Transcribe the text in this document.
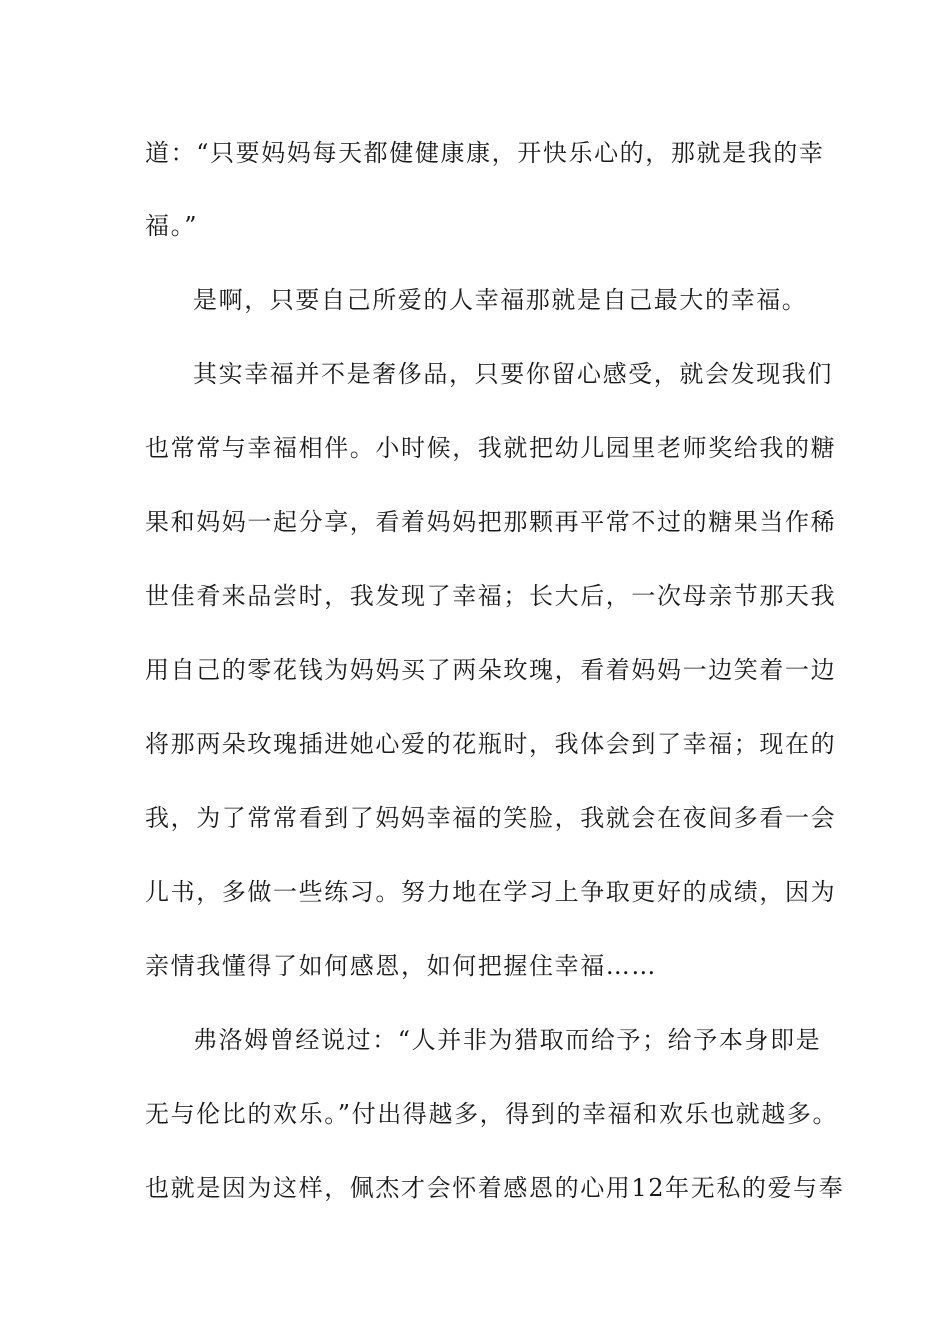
道：“只要妈妈每天都健健康康，开快乐心的，那就是我的幸
福。”
是啊，只要自己所爱的人幸福那就是自己最大的幸福。
其实幸福并不是奢侈品，只要你留心感受，就会发现我们
也常常与幸福相伴。小时候，我就把幼儿园里老师奖给我的糖
果和妈妈一起分享，看着妈妈把那颗再平常不过的糖果当作稀
世佳肴来品尝时，我发现了幸福；长大后，一次母亲节那天我
用自己的零花钱为妈妈买了两朵玫瑰，看着妈妈一边笑着一边
将那两朵玫瑰插进她心爱的花瓶时，我体会到了幸福；现在的
我，为了常常看到了妈妈幸福的笑脸，我就会在夜间多看一会
儿书，多做一些练习。努力地在学习上争取更好的成绩，因为
亲情我懂得了如何感恩，如何把握住幸福……
弗洛姆曾经说过：“人并非为猎取而给予；给予本身即是
无与伦比的欢乐。”付出得越多，得到的幸福和欢乐也就越多。
也就是因为这样，佩杰才会怀着感恩的心用12年无私的爱与奉
